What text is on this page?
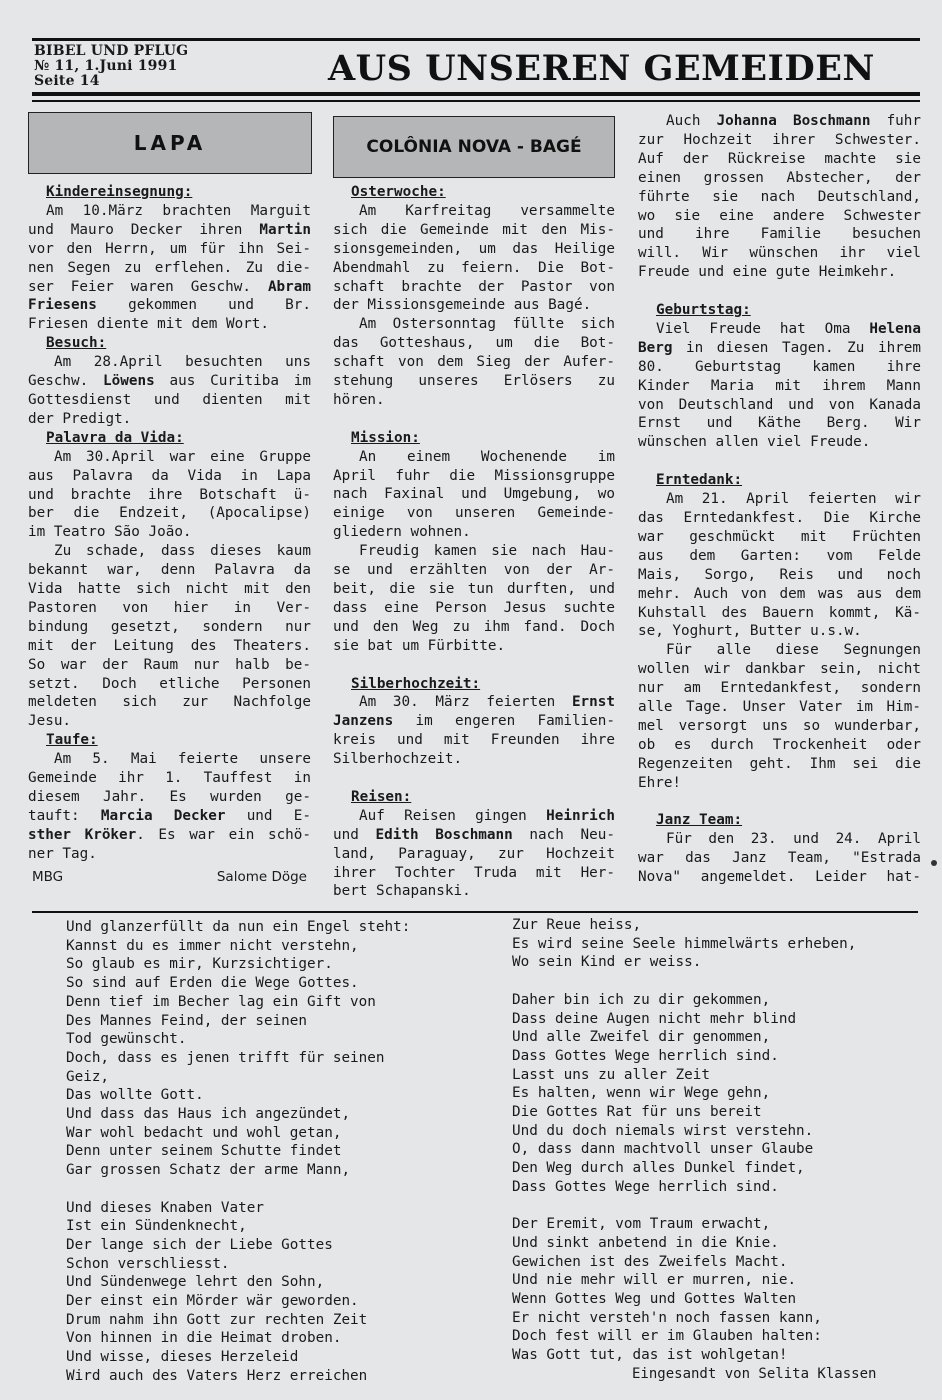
BIBEL UND PFLUG
№ 11, 1.Juni 1991
Seite 14	AUS UNSEREN GEMEIDEN
LAPA	COLÔNIA NOVA - BAGÉ
Kindereinsegnung:
Am 10.März brachten Marguit
und Mauro Decker ihren Martin
vor den Herrn, um für ihn Sei-
nen Segen zu erflehen. Zu die-
ser Feier waren Geschw. Abram
Friesens gekommen und Br.
Friesen diente mit dem Wort.
Besuch:
Am 28.April besuchten uns
Geschw. Löwens aus Curitiba im
Gottesdienst und dienten mit
der Predigt.
Palavra da Vida:
Am 30.April war eine Gruppe
aus Palavra da Vida in Lapa
und brachte ihre Botschaft ü-
ber die Endzeit, (Apocalipse)
im Teatro São João.
Zu schade, dass dieses kaum
bekannt war, denn Palavra da
Vida hatte sich nicht mit den
Pastoren von hier in Ver-
bindung gesetzt, sondern nur
mit der Leitung des Theaters.
So war der Raum nur halb be-
setzt. Doch etliche Personen
meldeten sich zur Nachfolge
Jesu.
Taufe:
Am 5. Mai feierte unsere
Gemeinde ihr 1. Tauffest in
diesem Jahr. Es wurden ge-
tauft: Marcia Decker und E-
sther Kröker. Es war ein schö-
ner Tag.
MBG	Salome Döge
Osterwoche:
Am Karfreitag versammelte
sich die Gemeinde mit den Mis-
sionsgemeinden, um das Heilige
Abendmahl zu feiern. Die Bot-
schaft brachte der Pastor von
der Missionsgemeinde aus Bagé.
Am Ostersonntag füllte sich
das Gotteshaus, um die Bot-
schaft von dem Sieg der Aufer-
stehung unseres Erlösers zu
hören.
Mission:
An einem Wochenende im
April fuhr die Missionsgruppe
nach Faxinal und Umgebung, wo
einige von unseren Gemeinde-
gliedern wohnen.
Freudig kamen sie nach Hau-
se und erzählten von der Ar-
beit, die sie tun durften, und
dass eine Person Jesus suchte
und den Weg zu ihm fand. Doch
sie bat um Fürbitte.
Silberhochzeit:
Am 30. März feierten Ernst
Janzens im engeren Familien-
kreis und mit Freunden ihre
Silberhochzeit.
Reisen:
Auf Reisen gingen Heinrich
und Edith Boschmann nach Neu-
land, Paraguay, zur Hochzeit
ihrer Tochter Truda mit Her-
bert Schapanski.
Auch Johanna Boschmann fuhr
zur Hochzeit ihrer Schwester.
Auf der Rückreise machte sie
einen grossen Abstecher, der
führte sie nach Deutschland,
wo sie eine andere Schwester
und ihre Familie besuchen
will. Wir wünschen ihr viel
Freude und eine gute Heimkehr.
Geburtstag:
Viel Freude hat Oma Helena
Berg in diesen Tagen. Zu ihrem
80. Geburtstag kamen ihre
Kinder Maria mit ihrem Mann
von Deutschland und von Kanada
Ernst und Käthe Berg. Wir
wünschen allen viel Freude.
Erntedank:
Am 21. April feierten wir
das Erntedankfest. Die Kirche
war geschmückt mit Früchten
aus dem Garten: vom Felde
Mais, Sorgo, Reis und noch
mehr. Auch von dem was aus dem
Kuhstall des Bauern kommt, Kä-
se, Yoghurt, Butter u.s.w.
Für alle diese Segnungen
wollen wir dankbar sein, nicht
nur am Erntedankfest, sondern
alle Tage. Unser Vater im Him-
mel versorgt uns so wunderbar,
ob es durch Trockenheit oder
Regenzeiten geht. Ihm sei die
Ehre!
Janz Team:
Für den 23. und 24. April
war das Janz Team, "Estrada
Nova" angemeldet. Leider hat-
Und glanzerfüllt da nun ein Engel steht:
Kannst du es immer nicht verstehn,
So glaub es mir, Kurzsichtiger.
So sind auf Erden die Wege Gottes.
Denn tief im Becher lag ein Gift von
Des Mannes Feind, der seinen
Tod gewünscht.
Doch, dass es jenen trifft für seinen
Geiz,
Das wollte Gott.
Und dass das Haus ich angezündet,
War wohl bedacht und wohl getan,
Denn unter seinem Schutte findet
Gar grossen Schatz der arme Mann,
Und dieses Knaben Vater
Ist ein Sündenknecht,
Der lange sich der Liebe Gottes
Schon verschliesst.
Und Sündenwege lehrt den Sohn,
Der einst ein Mörder wär geworden.
Drum nahm ihn Gott zur rechten Zeit
Von hinnen in die Heimat droben.
Und wisse, dieses Herzeleid
Wird auch des Vaters Herz erreichen
Zur Reue heiss,
Es wird seine Seele himmelwärts erheben,
Wo sein Kind er weiss.
Daher bin ich zu dir gekommen,
Dass deine Augen nicht mehr blind
Und alle Zweifel dir genommen,
Dass Gottes Wege herrlich sind.
Lasst uns zu aller Zeit
Es halten, wenn wir Wege gehn,
Die Gottes Rat für uns bereit
Und du doch niemals wirst verstehn.
O, dass dann machtvoll unser Glaube
Den Weg durch alles Dunkel findet,
Dass Gottes Wege herrlich sind.
Der Eremit, vom Traum erwacht,
Und sinkt anbetend in die Knie.
Gewichen ist des Zweifels Macht.
Und nie mehr will er murren, nie.
Wenn Gottes Weg und Gottes Walten
Er nicht versteh'n noch fassen kann,
Doch fest will er im Glauben halten:
Was Gott tut, das ist wohlgetan!
Eingesandt von Selita Klassen
